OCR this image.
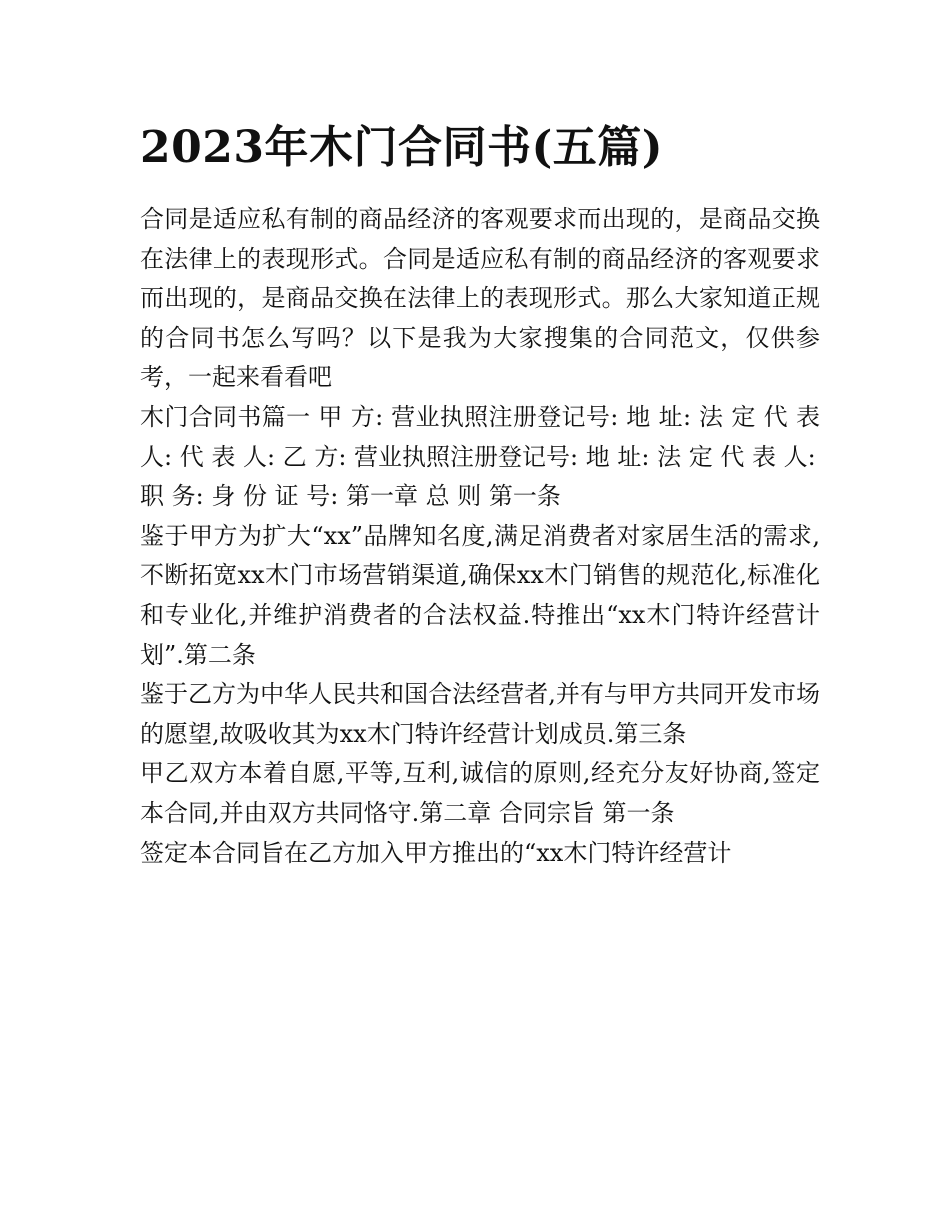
2023年木门合同书(五篇)

合同是适应私有制的商品经济的客观要求而出现的，是商品交换在法律上的表现形式。合同是适应私有制的商品经济的客观要求而出现的，是商品交换在法律上的表现形式。那么大家知道正规的合同书怎么写吗？以下是我为大家搜集的合同范文，仅供参考，一起来看看吧

木门合同书篇一 甲 方: 营业执照注册登记号: 地 址: 法 定 代 表 人: 代 表 人: 乙 方: 营业执照注册登记号: 地 址: 法 定 代 表 人:

职 务: 身 份 证 号: 第一章 总 则 第一条

鉴于甲方为扩大“xx”品牌知名度,满足消费者对家居生活的需求,不断拓宽xx木门市场营销渠道,确保xx木门销售的规范化,标准化和专业化,并维护消费者的合法权益.特推出“xx木门特许经营计划”.第二条

鉴于乙方为中华人民共和国合法经营者,并有与甲方共同开发市场的愿望,故吸收其为xx木门特许经营计划成员.第三条

甲乙双方本着自愿,平等,互利,诚信的原则,经充分友好协商,签定本合同,并由双方共同恪守.第二章 合同宗旨 第一条

签定本合同旨在乙方加入甲方推出的“xx木门特许经营计
